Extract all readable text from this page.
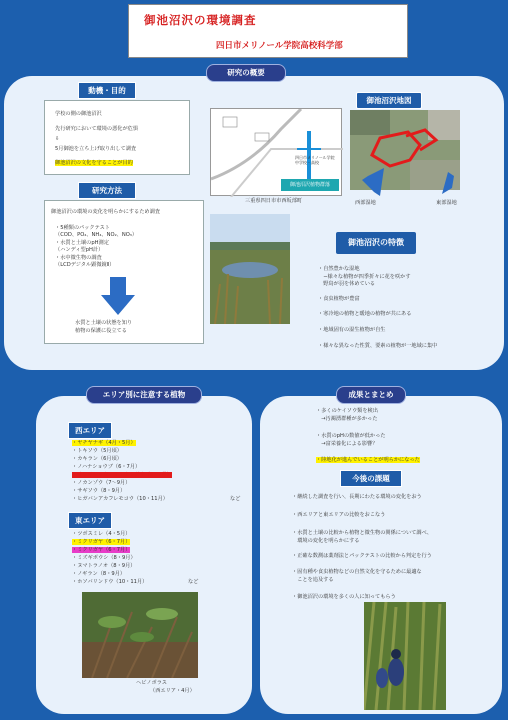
御池沼沢の環境調査
四日市メリノール学院高校科学部
研究の概要
動機・目的
学校の側の御池沼沢
先行研究において環境の悪化が危惧
⇩
5月御池を立ち上げ取り出して調査
御池沼沢の文化を守ることが目的
研究方法
御池沼沢の環境の変化を明らかにするため調査
・5種類のパックテスト
（COD、PO₄、NH₄、NO₂、NO₃）
・水質と土壌のpH測定
（ハンディ型pH計）
・水中微生物の調査
（LCDデジタル顕微鏡Ⅱ）
水質と土壌の状態を知り
植物の保護に役立てる
御池沼沢植物群落
四日市メリノール学院中学校・高校
三重県四日市市西坂部町
御池沼沢地図
西部湿地	東部湿地
御池沼沢の特徴
・自然豊かな湿地
　−様々な植物が四季折々に花を咲かす
　野鳥が羽を休めている
・食虫植物が豊富
・寒冷地の植物と暖地の植物が共にある
・地域固有の湿生植物が自生
・様々な異なった性質、要素の植物が一地域に集中
エリア別に注意する植物
西エリア
・ヤチヤナギ（4月・5月）
・トキソウ（5月頃）
・カキラン（6月頃）
・ノハナショウブ（6・7月）
・サワギキョウ・ミミカキグサ（6・7月）
・ノカンゾウ（7〜9月）
・サギソウ（8・9月）
・ヒガバンアカフレモコウ（10・11月）	など
東エリア
・ツボスミレ（4・5月）
・ミクリガヤ（6・7月）
・ミクリガヤ（6・7月）
・ミズギボウシ（8・9月）
・ヌマトラノオ（8・9月）
・ノギラン（8・9月）
・ホソバリンドウ（10・11月）	など
ヘビノボラス
（西エリア・4月）
成果とまとめ
・多くのケイソウ類を検出
　→汚濁湧群種が多かった
・水質のpHの数値が低かった
　→富栄養化による影響？
・陸地化が進んでいることが明らかになった
今後の課題
・継続した調査を行い、長期にわたる環境の変化をおう
・西エリアと東エリアの比較をおこなう
・水質と土壌の比較から植物と微生物の関係について調べ、
　環境の変化を明らかにする
・正確な数測は薬剤法とパックテストの比較から判定を行う
・固有種や食虫植物などの自然文化を守るために最適な
　ことを追及する
・御池沼沢の環境を多くの人に知ってもらう
